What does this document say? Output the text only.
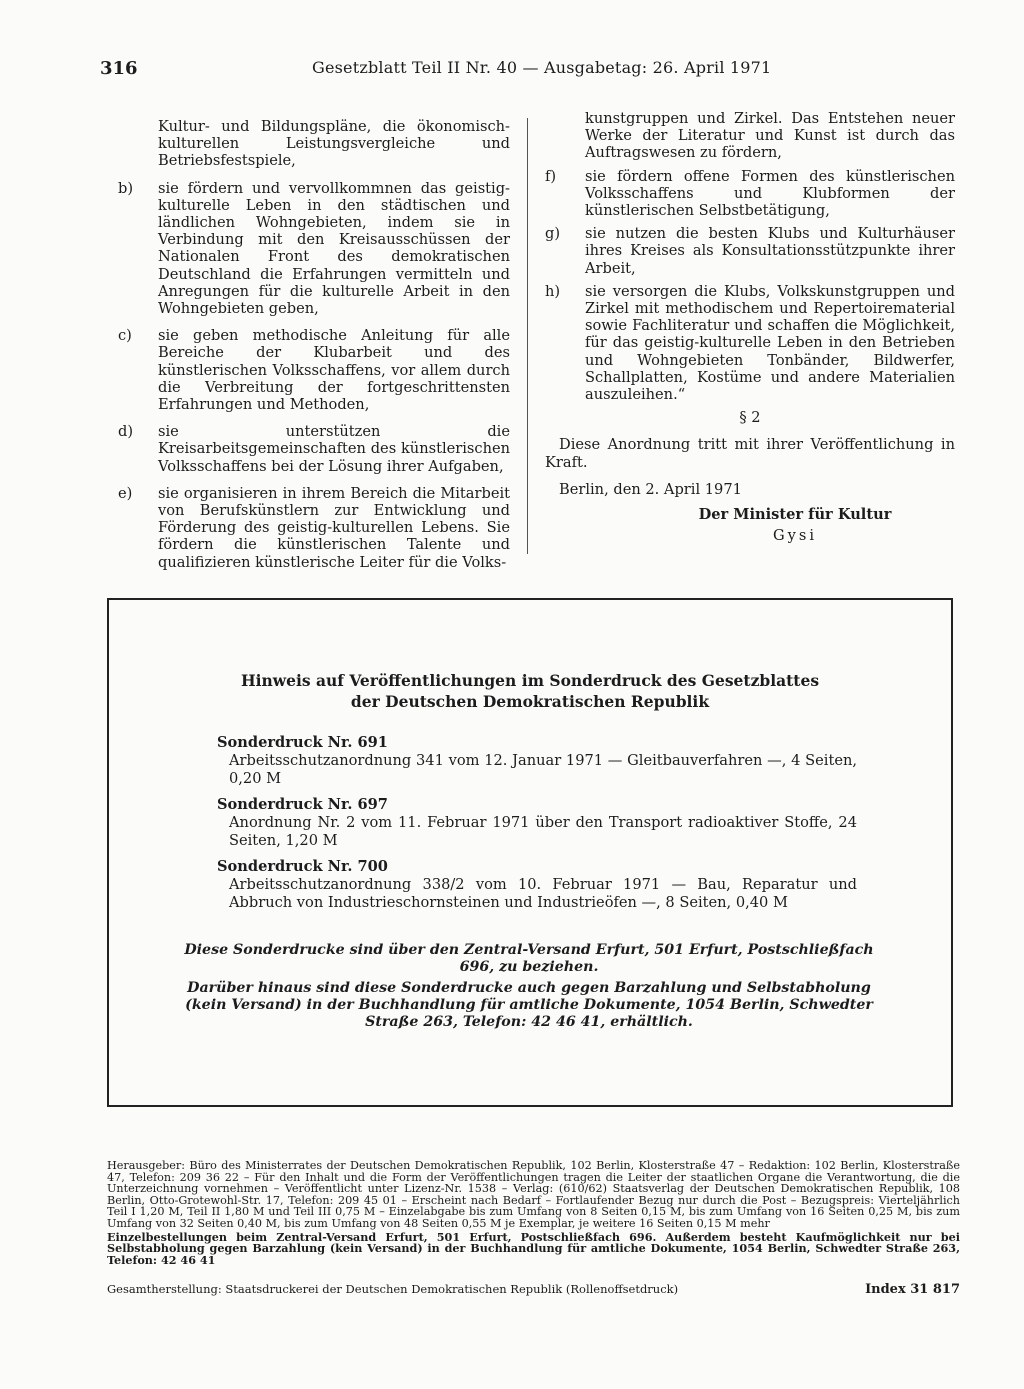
316	Gesetzblatt Teil II Nr. 40 — Ausgabetag: 26. April 1971

Kultur- und Bildungspläne, die ökonomisch-kulturellen Leistungsvergleiche und Betriebsfestspiele,

b) sie fördern und vervollkommnen das geistig-kulturelle Leben in den städtischen und ländlichen Wohngebieten, indem sie in Verbindung mit den Kreisausschüssen der Nationalen Front des demokratischen Deutschland die Erfahrungen vermitteln und Anregungen für die kulturelle Arbeit in den Wohngebieten geben,

c) sie geben methodische Anleitung für alle Bereiche der Klubarbeit und des künstlerischen Volksschaffens, vor allem durch die Verbreitung der fortgeschrittensten Erfahrungen und Methoden,

d) sie unterstützen die Kreisarbeitsgemeinschaften des künstlerischen Volksschaffens bei der Lösung ihrer Aufgaben,

e) sie organisieren in ihrem Bereich die Mitarbeit von Berufskünstlern zur Entwicklung und Förderung des geistig-kulturellen Lebens. Sie fördern die künstlerischen Talente und qualifizieren künstlerische Leiter für die Volks-

kunstgruppen und Zirkel. Das Entstehen neuer Werke der Literatur und Kunst ist durch das Auftragswesen zu fördern,

f) sie fördern offene Formen des künstlerischen Volksschaffens und Klubformen der künstlerischen Selbstbetätigung,

g) sie nutzen die besten Klubs und Kulturhäuser ihres Kreises als Konsultationsstützpunkte ihrer Arbeit,

h) sie versorgen die Klubs, Volkskunstgruppen und Zirkel mit methodischem und Repertoirematerial sowie Fachliteratur und schaffen die Möglichkeit, für das geistig-kulturelle Leben in den Betrieben und Wohngebieten Tonbänder, Bildwerfer, Schallplatten, Kostüme und andere Materialien auszuleihen.“

§ 2

Diese Anordnung tritt mit ihrer Veröffentlichung in Kraft.

Berlin, den 2. April 1971

Der Minister für Kultur

Gysi

Hinweis auf Veröffentlichungen im Sonderdruck des Gesetzblattes
der Deutschen Demokratischen Republik
Sonderdruck Nr. 691
Arbeitsschutzanordnung 341 vom 12. Januar 1971 — Gleitbauverfahren —, 4 Seiten, 0,20 M
Sonderdruck Nr. 697
Anordnung Nr. 2 vom 11. Februar 1971 über den Transport radioaktiver Stoffe, 24 Seiten, 1,20 M
Sonderdruck Nr. 700
Arbeitsschutzanordnung 338/2 vom 10. Februar 1971 — Bau, Reparatur und Abbruch von Industrieschornsteinen und Industrieöfen —, 8 Seiten, 0,40 M

Diese Sonderdrucke sind über den Zentral-Versand Erfurt, 501 Erfurt, Postschließfach 696, zu beziehen.

Darüber hinaus sind diese Sonderdrucke auch gegen Barzahlung und Selbstabholung (kein Versand) in der Buchhandlung für amtliche Dokumente, 1054 Berlin, Schwedter Straße 263, Telefon: 42 46 41, erhältlich.

Herausgeber: Büro des Ministerrates der Deutschen Demokratischen Republik, 102 Berlin, Klosterstraße 47 – Redaktion: 102 Berlin, Klosterstraße 47, Telefon: 209 36 22 – Für den Inhalt und die Form der Veröffentlichungen tragen die Leiter der staatlichen Organe die Verantwortung, die die Unterzeichnung vornehmen – Veröffentlicht unter Lizenz-Nr. 1538 – Verlag: (610/62) Staatsverlag der Deutschen Demokratischen Republik, 108 Berlin, Otto-Grotewohl-Str. 17, Telefon: 209 45 01 – Erscheint nach Bedarf – Fortlaufender Bezug nur durch die Post – Bezugspreis: Vierteljährlich Teil I 1,20 M, Teil II 1,80 M und Teil III 0,75 M – Einzelabgabe bis zum Umfang von 8 Seiten 0,15 M, bis zum Umfang von 16 Seiten 0,25 M, bis zum Umfang von 32 Seiten 0,40 M, bis zum Umfang von 48 Seiten 0,55 M je Exemplar, je weitere 16 Seiten 0,15 M mehr

Einzelbestellungen beim Zentral-Versand Erfurt, 501 Erfurt, Postschließfach 696. Außerdem besteht Kaufmöglichkeit nur bei Selbstabholung gegen Barzahlung (kein Versand) in der Buchhandlung für amtliche Dokumente, 1054 Berlin, Schwedter Straße 263, Telefon: 42 46 41

Gesamtherstellung: Staatsdruckerei der Deutschen Demokratischen Republik (Rollenoffsetdruck)	Index 31 817
